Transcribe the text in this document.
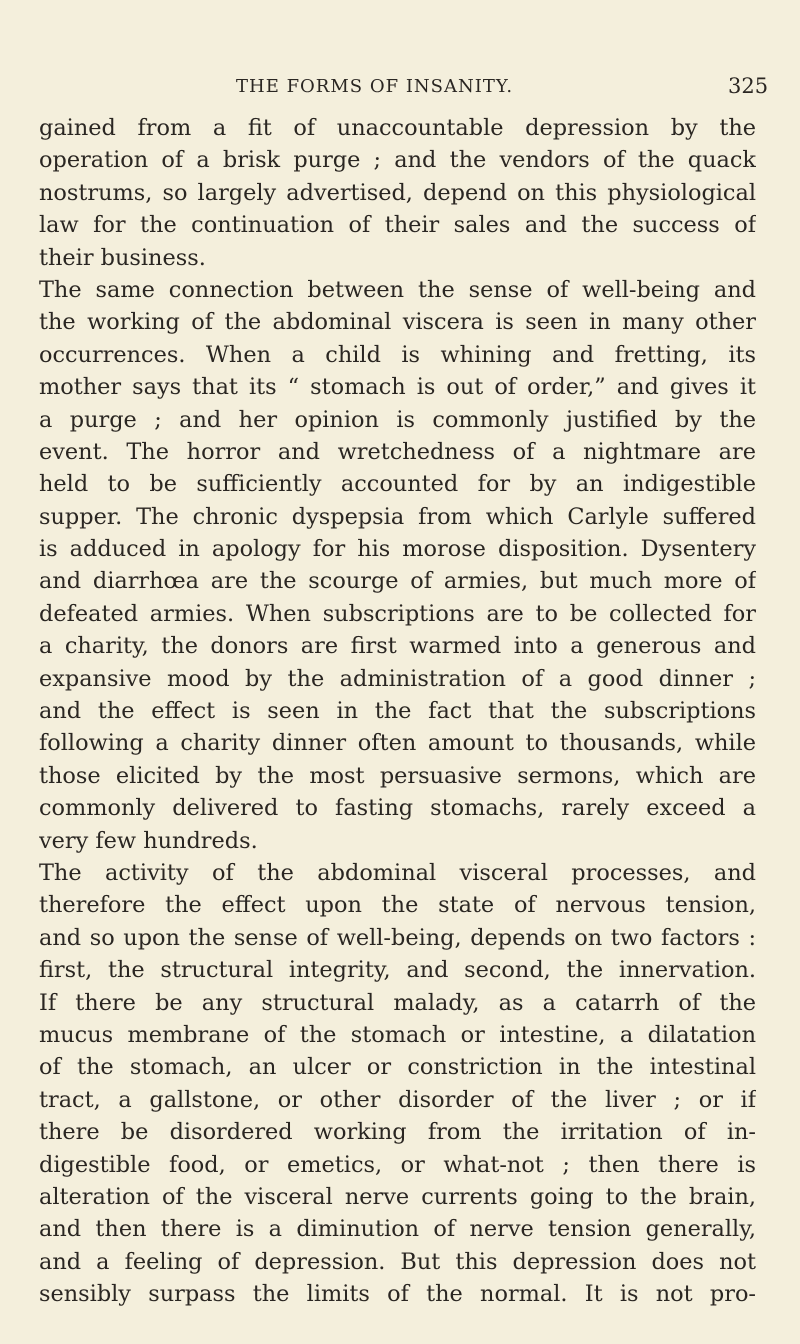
THE FORMS OF INSANITY.	325
gained from a fit of unaccountable depression by the
operation of a brisk purge ; and the vendors of the quack
nostrums, so largely advertised, depend on this physiological
law for the continuation of their sales and the success of
their business.
The same connection between the sense of well-being and
the working of the abdominal viscera is seen in many other
occurrences. When a child is whining and fretting, its
mother says that its “ stomach is out of order,” and gives it
a purge ; and her opinion is commonly justified by the
event. The horror and wretchedness of a nightmare are
held to be sufficiently accounted for by an indigestible
supper. The chronic dyspepsia from which Carlyle suffered
is adduced in apology for his morose disposition. Dysentery
and diarrhœa are the scourge of armies, but much more of
defeated armies. When subscriptions are to be collected for
a charity, the donors are first warmed into a generous and
expansive mood by the administration of a good dinner ;
and the effect is seen in the fact that the subscriptions
following a charity dinner often amount to thousands, while
those elicited by the most persuasive sermons, which are
commonly delivered to fasting stomachs, rarely exceed a
very few hundreds.
The activity of the abdominal visceral processes, and
therefore the effect upon the state of nervous tension,
and so upon the sense of well-being, depends on two factors :
first, the structural integrity, and second, the innervation.
If there be any structural malady, as a catarrh of the
mucus membrane of the stomach or intestine, a dilatation
of the stomach, an ulcer or constriction in the intestinal
tract, a gallstone, or other disorder of the liver ; or if
there be disordered working from the irritation of in-
digestible food, or emetics, or what-not ; then there is
alteration of the visceral nerve currents going to the brain,
and then there is a diminution of nerve tension generally,
and a feeling of depression. But this depression does not
sensibly surpass the limits of the normal. It is not pro-
